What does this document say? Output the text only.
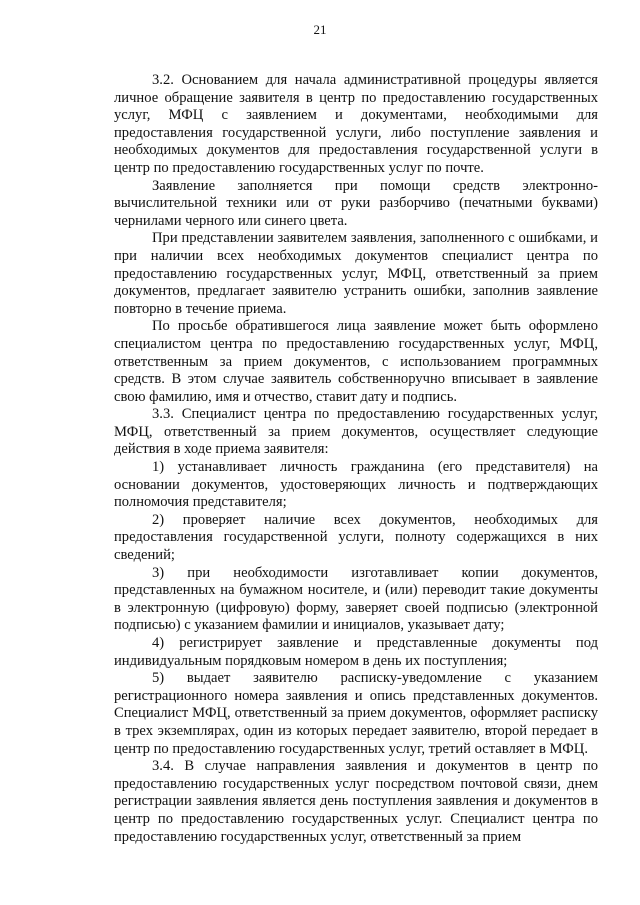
21

3.2. Основанием для начала административной процедуры является личное обращение заявителя в центр по предоставлению государственных услуг, МФЦ с заявлением и документами, необходимыми для предоставления государственной услуги, либо поступление заявления и необходимых документов для предоставления государственной услуги в центр по предоставлению государственных услуг по почте.

Заявление заполняется при помощи средств электронно-вычислительной техники или от руки разборчиво (печатными буквами) чернилами черного или синего цвета.

При представлении заявителем заявления, заполненного с ошибками, и при наличии всех необходимых документов специалист центра по предоставлению государственных услуг, МФЦ, ответственный за прием документов, предлагает заявителю устранить ошибки, заполнив заявление повторно в течение приема.

По просьбе обратившегося лица заявление может быть оформлено специалистом центра по предоставлению государственных услуг, МФЦ, ответственным за прием документов, с использованием программных средств. В этом случае заявитель собственноручно вписывает в заявление свою фамилию, имя и отчество, ставит дату и подпись.

3.3. Специалист центра по предоставлению государственных услуг, МФЦ, ответственный за прием документов, осуществляет следующие действия в ходе приема заявителя:

1) устанавливает личность гражданина (его представителя) на основании документов, удостоверяющих личность и подтверждающих полномочия представителя;

2) проверяет наличие всех документов, необходимых для предоставления государственной услуги, полноту содержащихся в них сведений;

3) при необходимости изготавливает копии документов, представленных на бумажном носителе, и (или) переводит такие документы в электронную (цифровую) форму, заверяет своей подписью (электронной подписью) с указанием фамилии и инициалов, указывает дату;

4) регистрирует заявление и представленные документы под индивидуальным порядковым номером в день их поступления;

5) выдает заявителю расписку-уведомление с указанием регистрационного номера заявления и опись представленных документов. Специалист МФЦ, ответственный за прием документов, оформляет расписку в трех экземплярах, один из которых передает заявителю, второй передает в центр по предоставлению государственных услуг, третий оставляет в МФЦ.

3.4. В случае направления заявления и документов в центр по предоставлению государственных услуг посредством почтовой связи, днем регистрации заявления является день поступления заявления и документов в центр по предоставлению государственных услуг. Специалист центра по предоставлению государственных услуг, ответственный за прием
